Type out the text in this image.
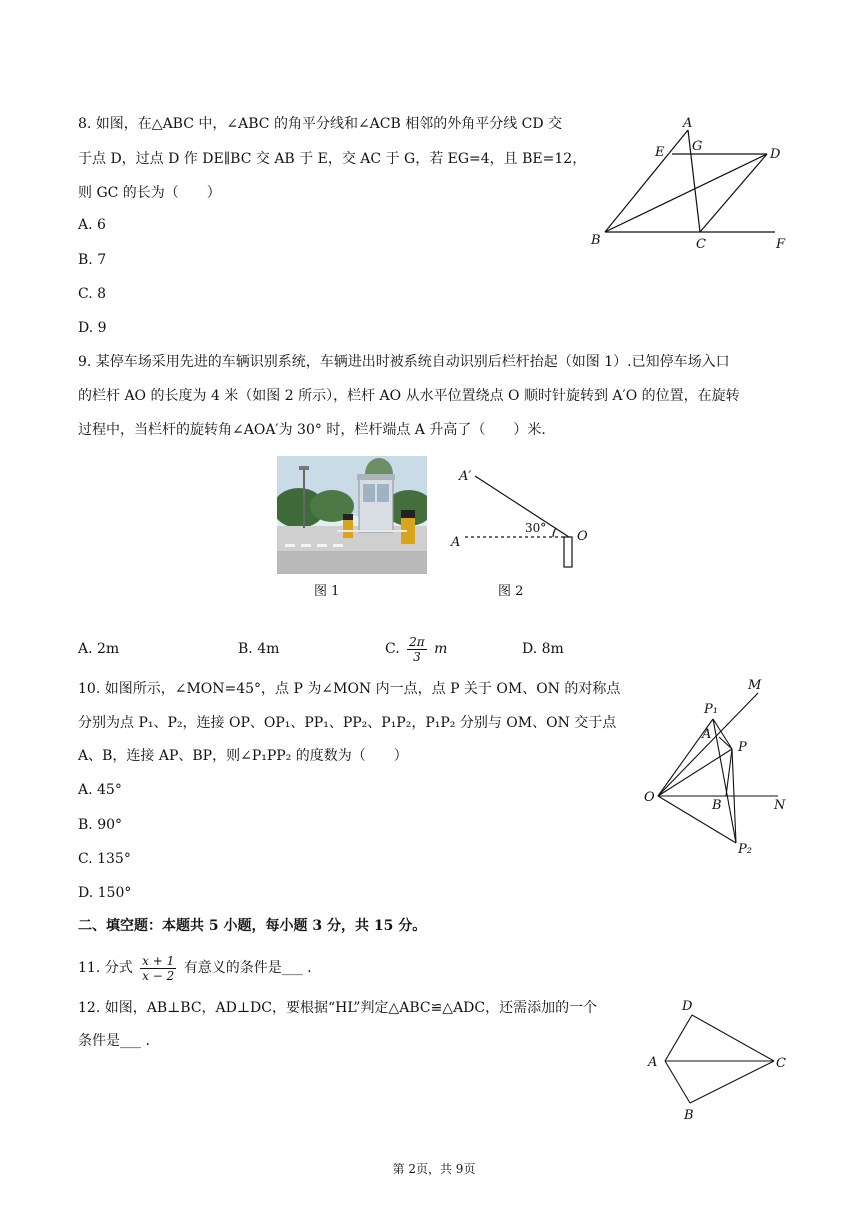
8. 如图，在△ABC 中，∠ABC 的角平分线和∠ACB 相邻的外角平分线 CD 交
于点 D，过点 D 作 DE∥BC 交 AB 于 E，交 AC 于 G，若 EG=4，且 BE=12，
则 GC 的长为（　　）
A. 6
B. 7
C. 8
D. 9
A
E G
D
B	C	F
9. 某停车场采用先进的车辆识别系统，车辆进出时被系统自动识别后栏杆抬起（如图 1）.已知停车场入口
的栏杆 AO 的长度为 4 米（如图 2 所示），栏杆 AO 从水平位置绕点 O 顺时针旋转到 A′O 的位置，在旋转
过程中，当栏杆的旋转角∠AOA′为 30° 时，栏杆端点 A 升高了（　　）米.
图 1
A′
A	O
30°
图 2
A. 2m	B. 4m	C. $\frac{2\pi}{3}$ m	D. 8m
10. 如图所示，∠MON=45°，点 P 为∠MON 内一点，点 P 关于 OM、ON 的对称点
分别为点 P₁、P₂，连接 OP、OP₁、PP₁、PP₂、P₁P₂，P₁P₂ 分别与 OM、ON 交于点
A、B，连接 AP、BP，则∠P₁PP₂ 的度数为（　　）
A. 45°
B. 90°
C. 135°
D. 150°
M
P₁
A
P
O
B	N
P₂
二、填空题：本题共 5 小题，每小题 3 分，共 15 分。
11. 分式 $\frac{x + 1}{x - 2}$ 有意义的条件是___ .
12. 如图，AB⊥BC，AD⊥DC，要根据“HL”判定△ABC≌△ADC，还需添加的一个
条件是___ .
D
A	C
B
第 2页，共 9页
